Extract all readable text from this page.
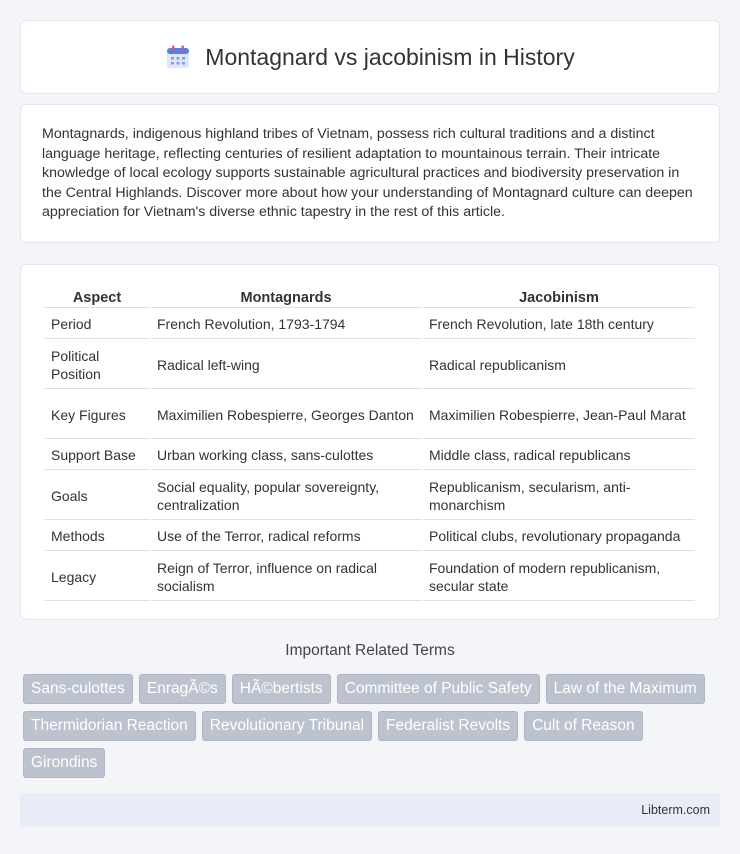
Montagnard vs jacobinism in History

Montagnards, indigenous highland tribes of Vietnam, possess rich cultural traditions and a distinct language heritage, reflecting centuries of resilient adaptation to mountainous terrain. Their intricate knowledge of local ecology supports sustainable agricultural practices and biodiversity preservation in the Central Highlands. Discover more about how your understanding of Montagnard culture can deepen appreciation for Vietnam's diverse ethnic tapestry in the rest of this article.

Aspect	Montagnards	Jacobinism
Period	French Revolution, 1793-1794	French Revolution, late 18th century
Political Position	Radical left-wing	Radical republicanism
Key Figures	Maximilien Robespierre, Georges Danton	Maximilien Robespierre, Jean-Paul Marat
Support Base	Urban working class, sans-culottes	Middle class, radical republicans
Goals	Social equality, popular sovereignty, centralization	Republicanism, secularism, anti-monarchism
Methods	Use of the Terror, radical reforms	Political clubs, revolutionary propaganda
Legacy	Reign of Terror, influence on radical socialism	Foundation of modern republicanism, secular state
Important Related Terms
Sans-culottes	EnragÃ©s	HÃ©bertists	Committee of Public Safety	Law of the Maximum
Thermidorian Reaction	Revolutionary Tribunal	Federalist Revolts	Cult of Reason
Girondins
Libterm.com
